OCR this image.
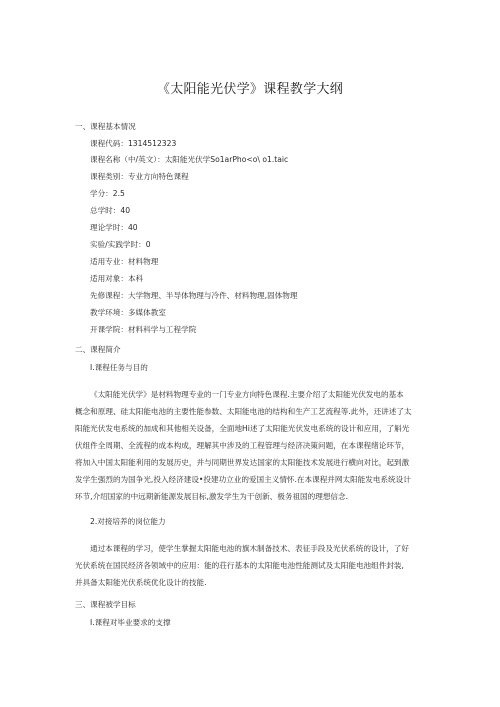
《太阳能光伏学》课程教学大纲
一、课程基本情况
课程代码：1314512323
课程名称（中/英文）：太阳能光伏学So1arPho<o\ o1.taic
课程类别：专业方向特色课程
学分：2.5
总学时：40
理论学时：40
实验/实践学时：0
适用专业：材料物理
适用对象：本科
先修课程：大学物理、半导体物理与冷件、材料物理,固体物理
教学环境：多媒体教室
开课学院：材料科学与工程学院
二、课程简介
I.课程任务与目的
《太阳能光伏学》是材料物理专业的一门专业方向特色课程.主要介绍了太阳能光伏发电的基本
概念和原理、硅太阳能电池的主要性能参数、太阳能电池的结构和生产工艺流程等.此外，还讲述了太
阳能光伏发电系统的加成和其他相关设备，全面地Hi述了太阳能光伏发电系统的设计和应用，了斛光
伏组件全周期、全流程的成本构成，理解其中涉及的工程管理与经济决策问题，在本课程绪论环节，
将加入中国太阳能利用的发展历史，并与同期世界发达国家的太阳能技术发展进行横向对比，起到激
发学生强烈的为国争光,投入经济建设•投建功立业的爱国主义情怀.在本课程并网太阳能发电系统设计
环节,介绍国家的中远期新能源发展目标,激发学生为干创新、极务祖国的理想信念.
2.对接培养的岗位能力
通过本课程的学习，使学生掌握太阳能电池的旗木制备技术、表征手段及光伏系统的设计，了好
光伏系统在国民经济各领域中的应用：能的荘行基本的太阳能电池性能测试及太阳能电池组件封装,
并具备太阳能光伏系统优化设计的技能.
三、课程被学目标
I.课程对毕业要求的支撑
